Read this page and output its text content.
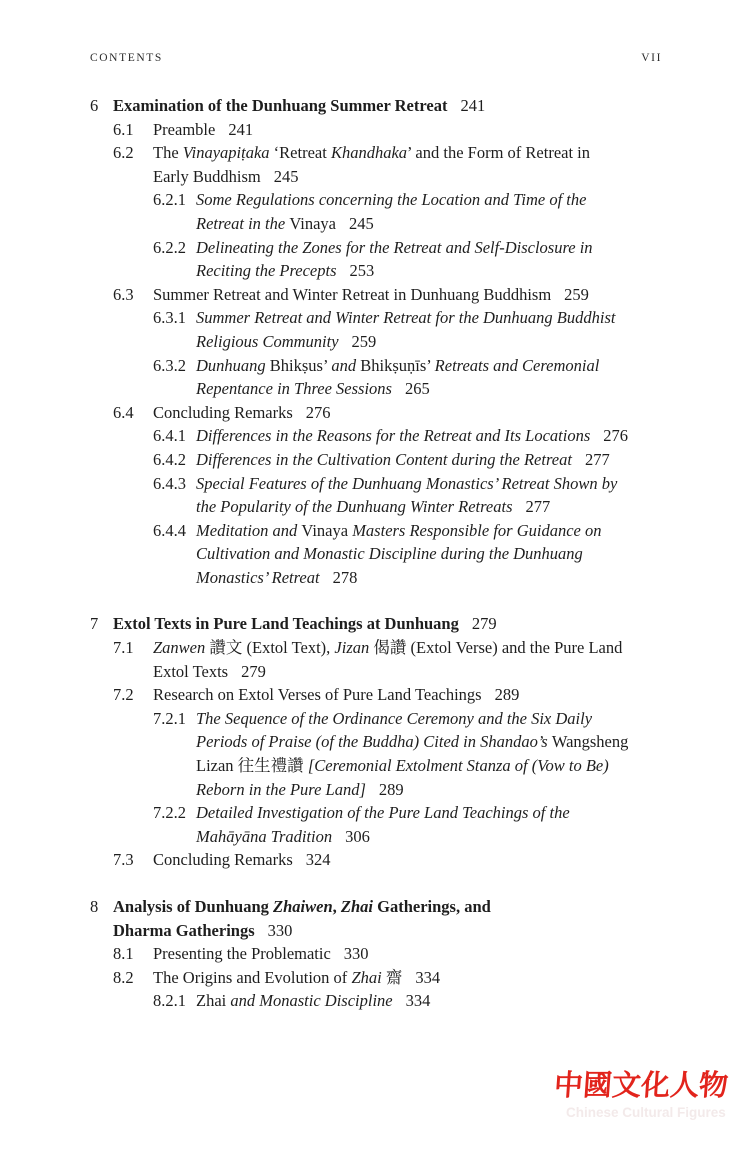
CONTENTS	VII
6 Examination of the Dunhuang Summer Retreat 241
6.1	Preamble 241
6.2	The Vinayapiṭaka ‘Retreat Khandhaka’ and the Form of Retreat in
Early Buddhism 245
6.2.1 Some Regulations concerning the Location and Time of the
Retreat in the Vinaya 245
6.2.2 Delineating the Zones for the Retreat and Self-Disclosure in
Reciting the Precepts 253
6.3	Summer Retreat and Winter Retreat in Dunhuang Buddhism 259
6.3.1 Summer Retreat and Winter Retreat for the Dunhuang Buddhist
Religious Community 259
6.3.2 Dunhuang Bhikṣus’ and Bhikṣuṇīs’ Retreats and Ceremonial
Repentance in Three Sessions 265
6.4	Concluding Remarks 276
6.4.1 Differences in the Reasons for the Retreat and Its Locations 276
6.4.2 Differences in the Cultivation Content during the Retreat 277
6.4.3 Special Features of the Dunhuang Monastics’ Retreat Shown by
the Popularity of the Dunhuang Winter Retreats 277
6.4.4 Meditation and Vinaya Masters Responsible for Guidance on
Cultivation and Monastic Discipline during the Dunhuang
Monastics’ Retreat 278
7 Extol Texts in Pure Land Teachings at Dunhuang 279
7.1	Zanwen 讚文 (Extol Text), Jizan 偈讚 (Extol Verse) and the Pure Land
Extol Texts 279
7.2	Research on Extol Verses of Pure Land Teachings 289
7.2.1 The Sequence of the Ordinance Ceremony and the Six Daily
Periods of Praise (of the Buddha) Cited in Shandao’s Wangsheng
Lizan 往生禮讚 [Ceremonial Extolment Stanza of (Vow to Be)
Reborn in the Pure Land] 289
7.2.2 Detailed Investigation of the Pure Land Teachings of the
Mahāyāna Tradition 306
7.3	Concluding Remarks 324
8 Analysis of Dunhuang Zhaiwen, Zhai Gatherings, and
Dharma Gatherings 330
8.1	Presenting the Problematic 330
8.2	The Origins and Evolution of Zhai 齋 334
8.2.1 Zhai and Monastic Discipline 334
中國文化人物
Chinese Cultural Figures
